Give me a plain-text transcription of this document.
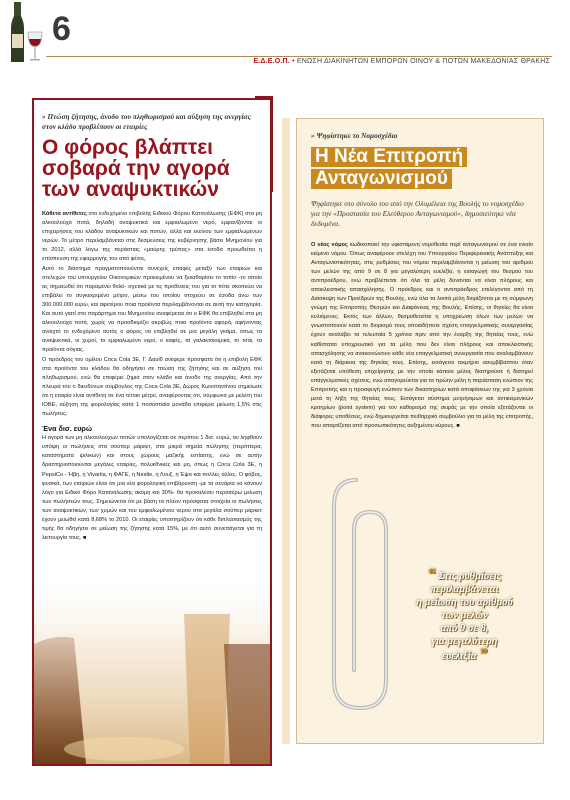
6
Ε.Δ.Ε.Ο.Π. • ΕΝΩΣΗ ΔΙΑΚΙΝΗΤΩΝ ΕΜΠΟΡΩΝ ΟΙΝΟΥ & ΠΟΤΩΝ ΜΑΚΕΔΟΝΙΑΣ ΘΡΑΚΗΣ
» Πτώση ζήτησης, άνοδο του πληθωρισμού και αύξηση της ανεργίας στον κλάδο προβλέπουν οι εταιρίες
Ο φόρος βλάπτει σοβαρά την αγορά των αναψυκτικών

Κάθετα αντίθετες στο ενδεχόμενο επιβολής Ειδικού Φόρου Κατανάλωσης (ΕΦΚ) στα μη αλκοολούχα ποτά, δηλαδή αναψυκτικά και εμφιαλωμένο νερό, εμφανίζονται οι επιχειρήσεις του κλάδου αναψυκτικών και ποτών, αλλά και εκείνου των εμφιαλωμένων νερών. Το μέτρο περιλαμβάνεται στις δεσμεύσεις της κυβέρνησης βάσει Μνημονίου για το 2012, αλλά λόγω της περάστιας «μαύρης τρύπας» στα έσοδα προωθείται η επίσπευση της εφαρμογής του από φέτος.

Αυτό το διάστημα πραγματοποιούνται συνεχείς επαφές μεταξύ των εταιριών και στελεχών του υπουργείου Οικονομικών προκειμένου να ξεκαθαρίσει το τοπίο -το οποίο ας σημειωθεί ότι παραμένει θολό- σχετικά με τις προθέσεις του για το πότε σκοπεύει να επιβάλει το συγκεκριμένο μέτρο, μέσω του οποίου στοχεύει σε έσοδα άνω των 300.000.000 ευρώ, και αφετέρου ποια προϊόντα περιλαμβάνονται σε αυτή την κατηγορία. Και αυτό γιατί στο παράρτημα του Μνημονίου αναφέρεται ότι ο ΕΦΚ θα επιβληθεί στα μη αλκοολούχα ποτά, χωρίς να προσδιορίζει ακριβώς ποια προϊόντα αφορά, αφήνοντας ανοιχτό το ενδεχόμενο αυτός ο φόρος να επιβληθεί σε μια μεγάλη γκάμα, όπως τα αναψυκτικά, οι χυμοί, το εμφιαλωμένο νερό, ο καφές, τα γαλακτοκομικά, το τσάι, τα προϊόντα σόγιας.

Ο πρόεδρος του ομίλου Coca Cola 3Ε, Γ. Δαυίδ ανέφερε πρόσφατα ότι η επιβολή ΕΦΚ στα προϊόντα του κλάδου θα οδηγήσει σε πτώση της ζήτησης και σε αύξηση του πληθωρισμού, ενώ θα επιφέρει ζημιά στον κλάδο και άνοδο της ανεργίας. Από την πλευρά του ο διευθύνων σύμβουλος της Coca Cola 3Ε, Δώρος Κωνσταντίνου σημείωσε ότι η εταιρία είναι αντίθετη σε ένα τέτοιο μέτρο, αναφέροντας ότι, σύμφωνα με μελέτη του ΙΟΒΕ, αύξηση της φορολογίας κατά 1 ποσοστιαία μονάδα επιφέρει μείωση 1,5% στις πωλήσεις.

Ένα δισ. ευρώ

Η αγορά των μη αλκοολούχων ποτών υπολογίζεται σε περίπου 1 δισ. ευρώ, αν ληφθούν υπόψη οι πωλήσεις στα σούπερ μάρκετ, στα μικρά σημεία πώλησης (περίπτερα, καταστήματα ψιλικών) και στους χώρους μαζικής εστίασης, ενώ σε αυτήν δραστηριοποιούνται μεγάλες εταιρίες, πολυεθνικές και μη, όπως η Coca Cola 3Ε, η PepsiCo - Ήβη, η Vivartia, η ΦΑΓΕ, η Nestle, η Λουξ, η Έψα και πολλές άλλες. Ο φόβος, φυσικά, των εταιριών είναι ότι μια νέα φορολογική επιβάρυνση -με τα σενάρια να κάνουν λόγο για Ειδικό Φόρο Κατανάλωσης ακόμη και 30%- θα προκαλέσει περαιτέρω μείωση των πωλήσεών τους. Σημειώνεται ότι με βάση τα πλέον πρόσφατα στοιχεία οι πωλήσεις των αναψυκτικών, των χυμών και του εμφιαλωμένου νερού στα μεγάλα σούπερ μάρκετ έχουν μειωθεί κατά 8,68% το 2010. Οι εταιρίες υποστηρίζουν ότι κάθε διπλασιασμός της τιμής θα οδηγήσει σε μείωση της ζήτησης κατά 15%, με ότι αυτό συνεπάγεται για τη λειτουργία τους. ■

» Ψηφίστηκε το Νομοσχέδιο
Η Νέα Επιτροπή
Ανταγωνισμού
Ψηφίστηκε στο σύνολο του από την Ολομέλεια της Βουλής το νομοσχέδιο για την «Προστασία του Ελεύθερου Ανταγωνισμού», δημοσιεύτηκε νέα δεδομένα.

Ο νέος νόμος κωδικοποιεί την υφιστάμενη νομοθεσία περί ανταγωνισμού σε ένα ενιαίο κείμενο νόμου. Όπως αναφέρουν στελέχη του Υπουργείου Περιφερειακής Ανάπτυξης και Ανταγωνιστικότητας, στις ρυθμίσεις του νόμου περιλαμβάνονται η μείωση του αριθμού των μελών της από 9 σε 8 για μεγαλύτερη ευελιξία, η εισαγωγή του θεσμού του αντιπροέδρου, ενώ προβλέπεται ότι όλα τα μέλη δύνανται να είναι πλήρους και αποκλειστικής απασχόλησης. Ο πρόεδρος και ο αντιπρόεδρος επιλέγονται από τη Διάσκεψη των Προέδρων της Βουλής, ενώ όλα τα λοιπά μέλη διορίζονται με τη σύμφωνη γνώμη της Επιτροπής Θεσμών και Διαφάνειας της Βουλής. Επίσης, οι θητείες θα είναι κυλιόμενες. Εκτός των άλλων, θεσμοθετείται η υποχρέωση όλων των μελών να γνωστοποιούν κατά το διορισμό τους οποιαδήποτε σχέση επαγγελματικής συνεργασίας έχουν αναλάβει τα τελευταία 5 χρόνια πριν από την έναρξη της θητείας τους, ενώ καθίσταται υποχρεωτικό για τα μέλη που δεν είναι πλήρους και αποκλειστικής απασχόλησης να ανακοινώνουν κάθε νέα επαγγελματική συνεργασία που αναλαμβάνουν κατά τη διάρκεια της θητείας τους. Επίσης, εισάγεται τεκμήριο ασυμβίβαστου όταν εξετάζεται υπόθεση επιχείρησης με την οποία κάποιο μέλος διατηρούσε ή διατηρεί επαγγελματικές σχέσεις, ενώ απαγορεύεται για τα πρώην μέλη η παράσταση ενώπιον της Επιτροπής και η προσφυγή ενώπιον των δικαστηρίων κατά αποφάσεων της για 3 χρόνια μετά τη λήξη της θητείας τους. Εισάγεται σύστημα μετρήσιμων και αντικειμενικών κριτηρίων (point system) για τον καθορισμό της σειράς με την οποία εξετάζονται οι διάφορες υποθέσεις, ενώ δημιουργείται πειθαρχικό συμβούλιο για τα μέλη της επιτροπής, που απαρτίζεται από προσωπικότητες αυξημένου κύρους. ■

“ Στις ρυθμίσεις
περιλαμβάνεται
η μείωση του αριθμού
των μελών
από 9 σε 8,
για μεγαλύτερη
ευελιξία ”
